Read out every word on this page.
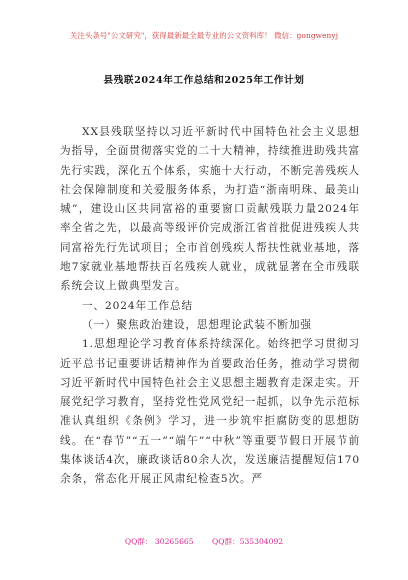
关注头条号"公文研究"，获得最新最全最专业的公文资料库！ 微信：gongwenyj
县残联2024年工作总结和2025年工作计划

XX县残联坚持以习近平新时代中国特色社会主义思想为指导，全面贯彻落实党的二十大精神，持续推进助残共富先行实践，深化五个体系，实施十大行动，不断完善残疾人社会保障制度和关爱服务体系，为打造“浙南明珠、最美山城”，建设山区共同富裕的重要窗口贡献残联力量2024年率全省之先，以最高等级评价完成浙江省首批促进残疾人共同富裕先行先试项目；全市首创残疾人帮扶性就业基地，落地7家就业基地帮扶百名残疾人就业，成就显著在全市残联系统会议上做典型发言。

一、2024年工作总结

（一）聚焦政治建设，思想理论武装不断加强

1.思想理论学习教育体系持续深化。始终把学习贯彻习近平总书记重要讲话精神作为首要政治任务，推动学习贯彻习近平新时代中国特色社会主义思想主题教育走深走实。开展党纪学习教育，坚持党性党风党纪一起抓，以争先示范标准认真组织《条例》学习，进一步筑牢拒腐防变的思想防线。在“春节”“五一”“端午”“中秋”等重要节假日开展节前集体谈话4次，廉政谈话80余人次，发送廉洁提醒短信170余条，常态化开展正风肃纪检查5次。严

QQ群： 30265665 QQ群：535304092
